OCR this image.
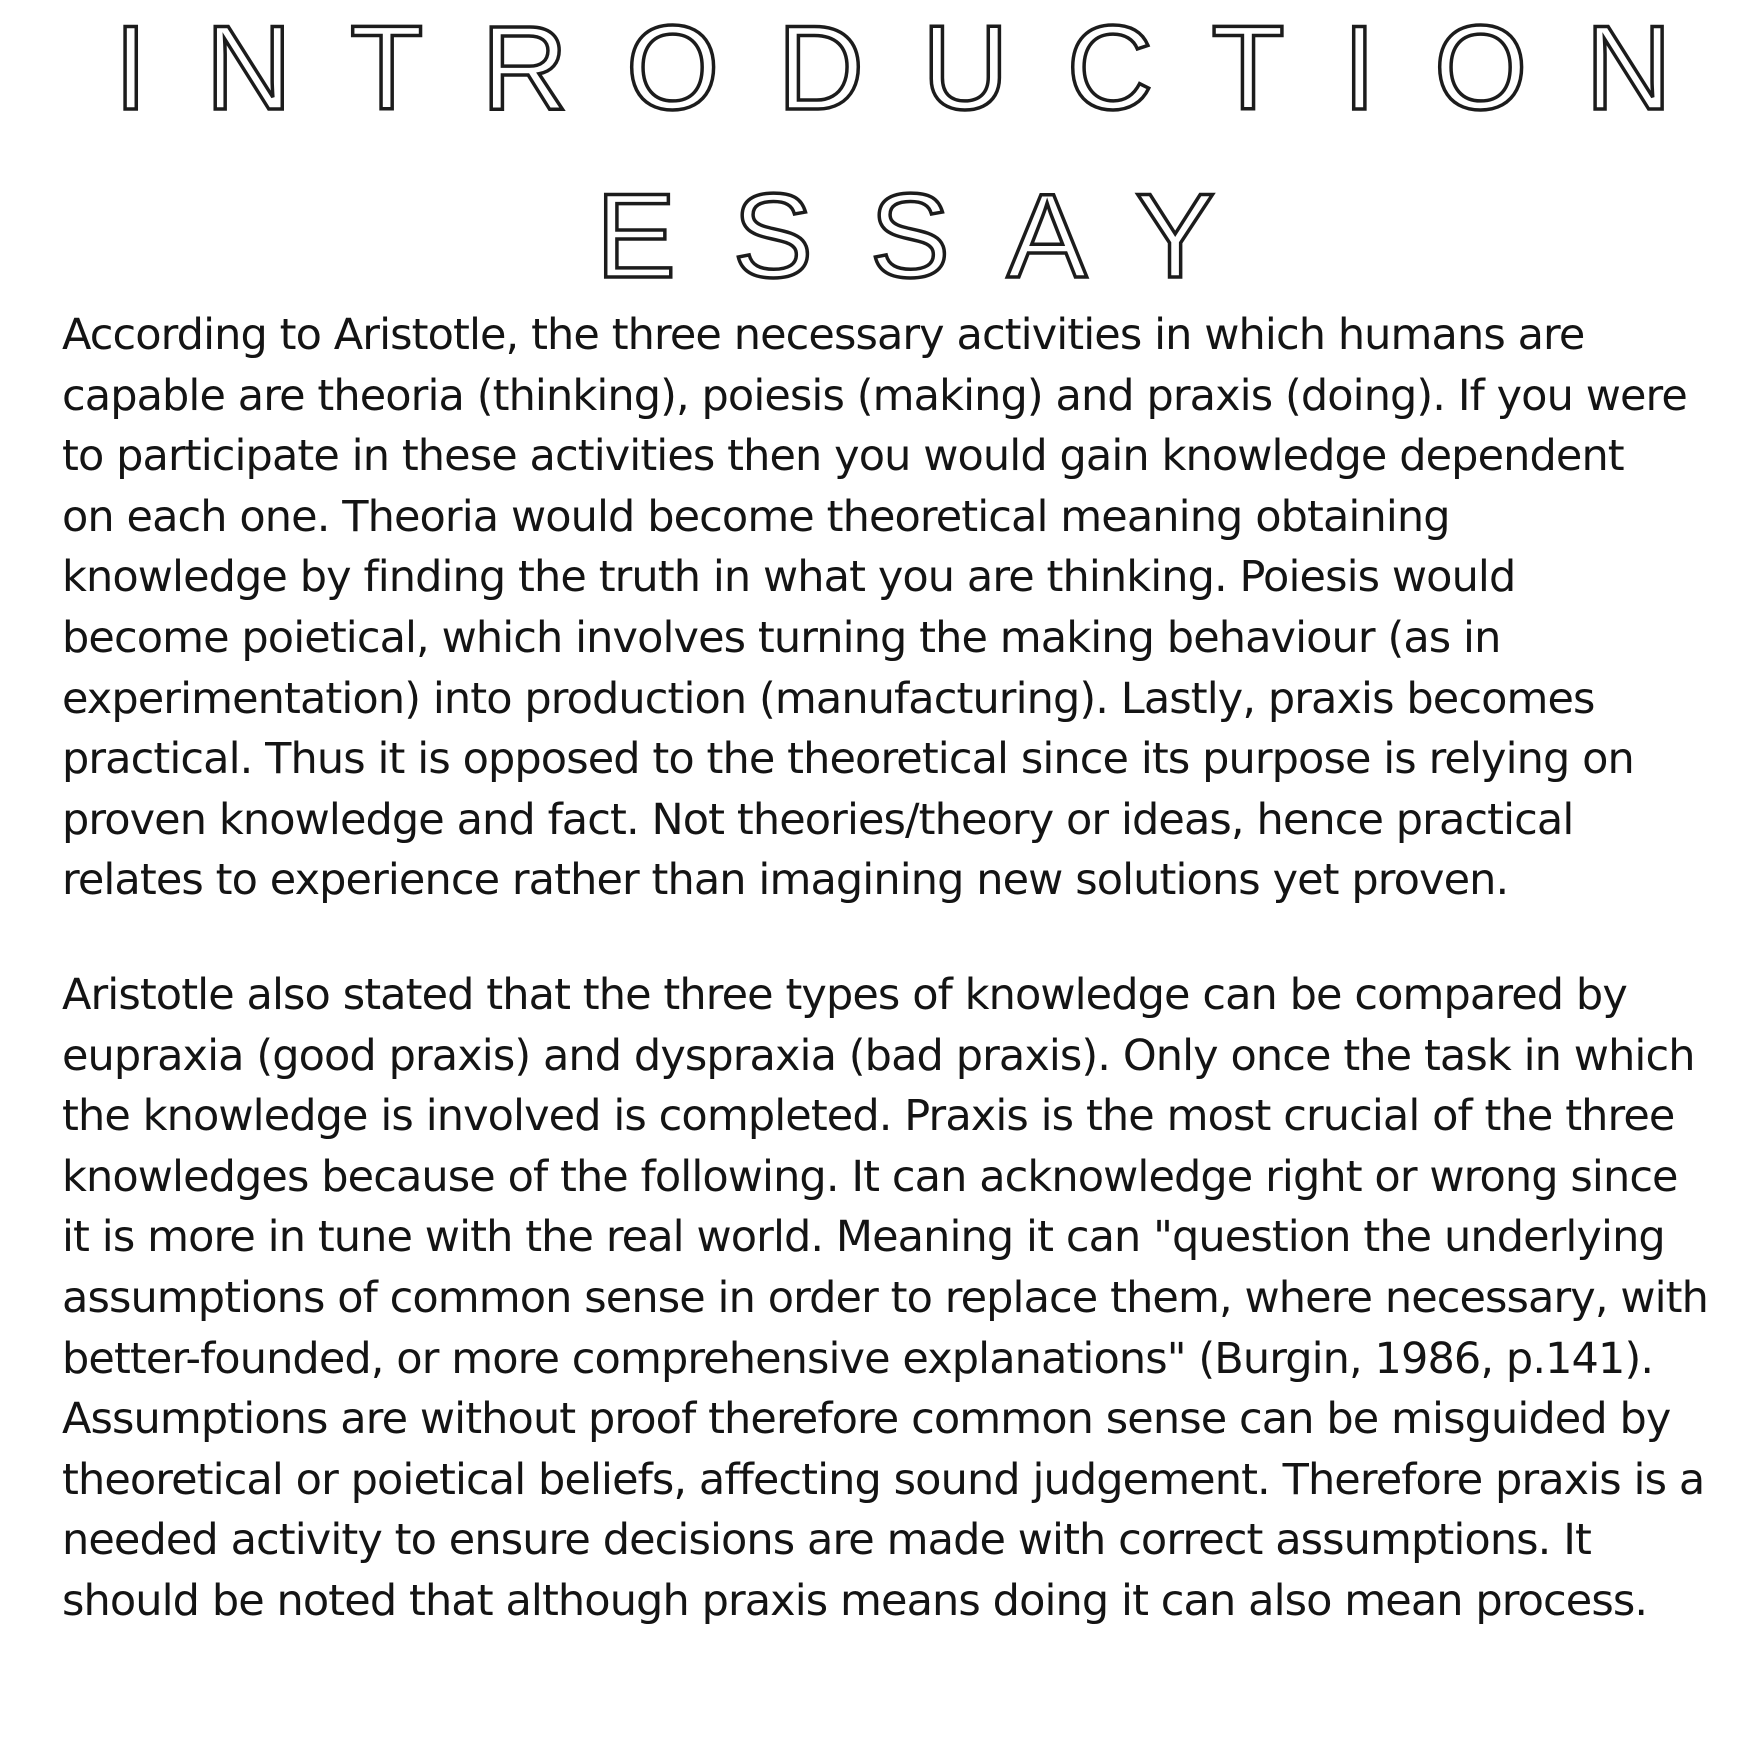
INTRODUCTION
ESSAY
According to Aristotle, the three necessary activities in which humans are
capable are theoria (thinking), poiesis (making) and praxis (doing). If you were
to participate in these activities then you would gain knowledge dependent
on each one. Theoria would become theoretical meaning obtaining
knowledge by finding the truth in what you are thinking. Poiesis would
become poietical, which involves turning the making behaviour (as in
experimentation) into production (manufacturing). Lastly, praxis becomes
practical. Thus it is opposed to the theoretical since its purpose is relying on
proven knowledge and fact. Not theories/theory or ideas, hence practical
relates to experience rather than imagining new solutions yet proven.
Aristotle also stated that the three types of knowledge can be compared by
eupraxia (good praxis) and dyspraxia (bad praxis). Only once the task in which
the knowledge is involved is completed. Praxis is the most crucial of the three
knowledges because of the following. It can acknowledge right or wrong since
it is more in tune with the real world. Meaning it can "question the underlying
assumptions of common sense in order to replace them, where necessary, with
better-founded, or more comprehensive explanations" (Burgin, 1986, p.141).
Assumptions are without proof therefore common sense can be misguided by
theoretical or poietical beliefs, affecting sound judgement. Therefore praxis is a
needed activity to ensure decisions are made with correct assumptions. It
should be noted that although praxis means doing it can also mean process.
